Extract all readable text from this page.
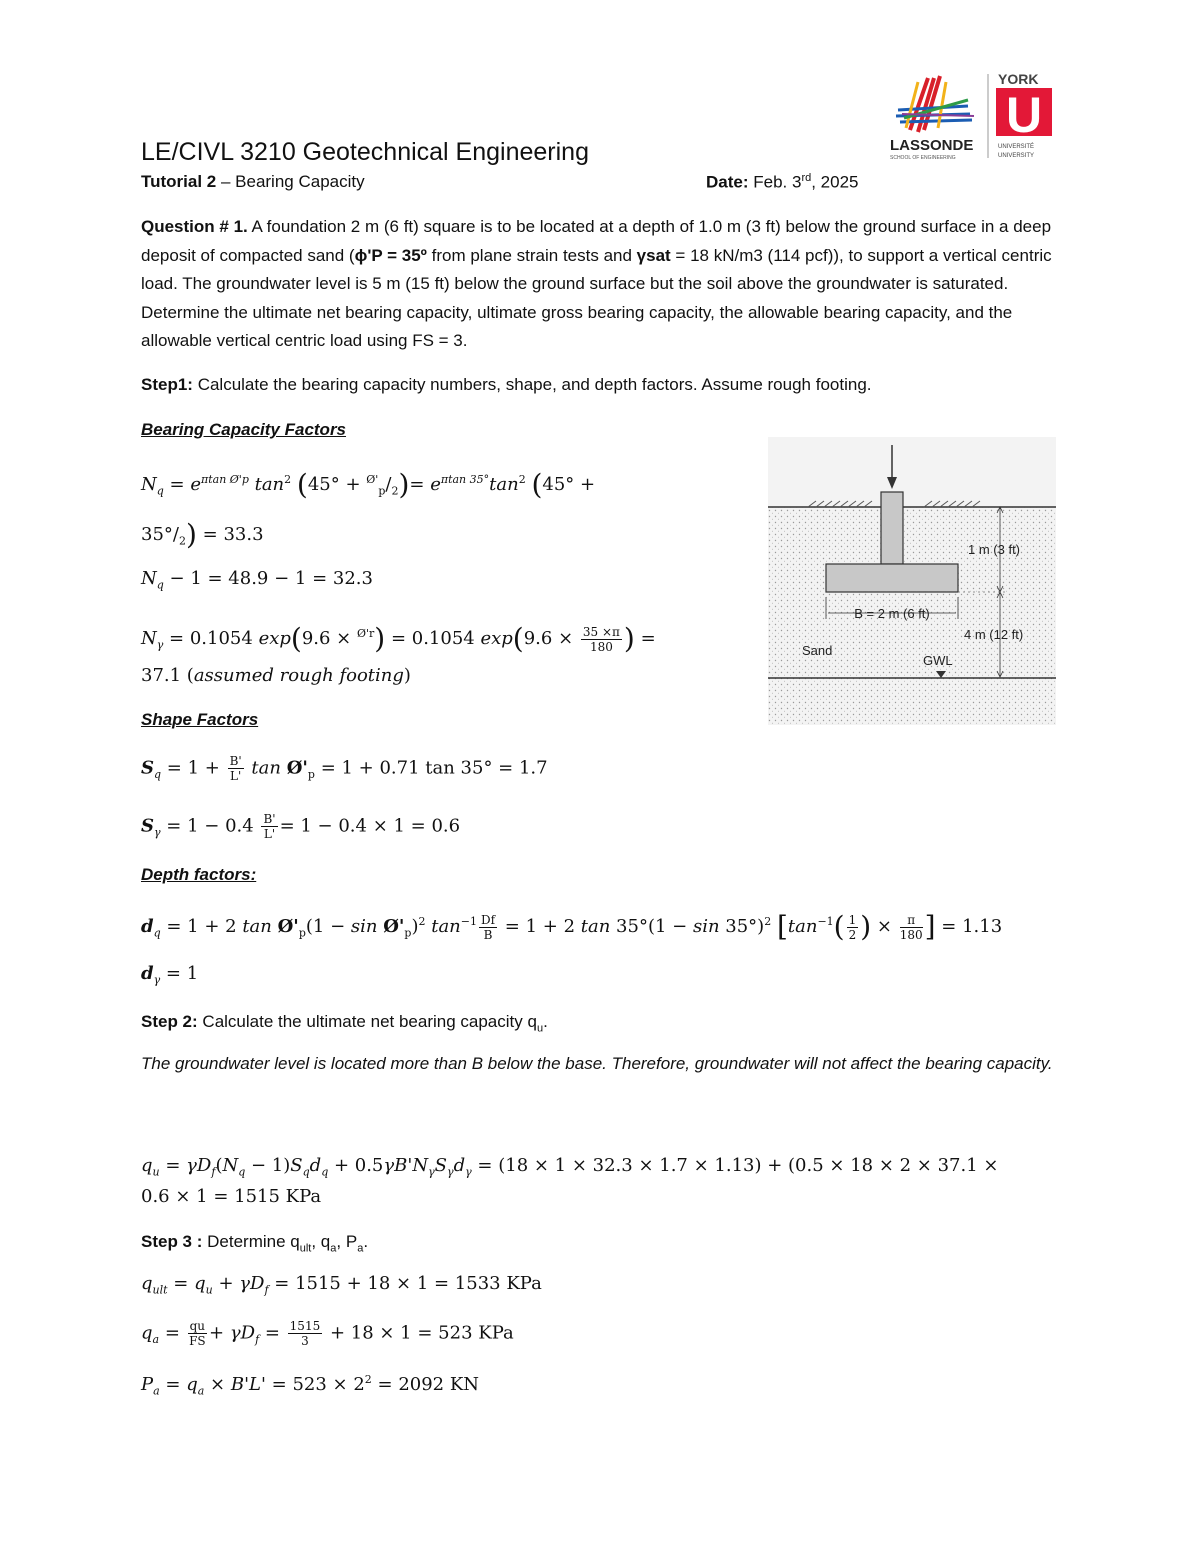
LASSONDE
SCHOOL OF ENGINEERING
YORK
U
UNIVERSITÉ
UNIVERSITY
LE/CIVL 3210 Geotechnical Engineering
Tutorial 2 – Bearing Capacity	Date: Feb. 3rd, 2025
Question # 1. A foundation 2 m (6 ft) square is to be located at a depth of 1.0 m (3 ft) below the ground surface in a deep deposit of compacted sand (ϕ'P = 35º from plane strain tests and γsat = 18 kN/m3 (114 pcf)), to support a vertical centric load. The groundwater level is 5 m (15 ft) below the ground surface but the soil above the groundwater is saturated. Determine the ultimate net bearing capacity, ultimate gross bearing capacity, the allowable bearing capacity, and the allowable vertical centric load using FS = 3.
Step1: Calculate the bearing capacity numbers, shape, and depth factors. Assume rough footing.
Bearing Capacity Factors
$N_q = e^{\pi tan Ø'p}$ $\tan^2 (45^\circ + ^{Ø'}_p/_2)= e^{\pi tan 35^\circ}\tan^2$ (45° +
$35^\circ/_2) = 33.3$
$N_q - 1 = 48.9 - 1 = 32.3$
$N_\gamma = 0.1054$ exp(9.6 × $^{Ø'r}$) = 0.1054 $\exp(9.6 \times \frac{35 \times\pi}{180}$ ) =
37.1 (assumed rough footing)
Shape Factors
$S_q = 1 + \frac{B'}{L'}$ $\tan Ø'_p = 1 + 0.71$ tan 35° = 1.7
$S_\gamma = 1 - 0.4 \frac{B'}{L'} = 1 - 0.4 \times 1 = 0.6$
Depth factors:
$d_q = 1 + 2$ $\tan Ø'_p(1 - \sin$ $Ø'_p)^2$ $\tan^{-1} \frac{Df}{B} = 1 + 2$ $\tan 35^\circ(1 - \sin 35^\circ)^2$ [$\tan^{-1}( \frac{1}{2}$ ) × $\frac{\pi}{180}$ ] = 1.13
$d_\gamma = 1$
Step 2: Calculate the ultimate net bearing capacity $q_u$.
The groundwater level is located more than B below the base. Therefore, groundwater will not affect the bearing capacity.
$q_u = \gamma D_f(N_q - 1)S_qd_q + 0.5\gamma B'N_\gamma S_\gamma d_\gamma = (18 \times 1 \times 32.3 \times 1.7 \times 1.13) + (0.5 \times 18 \times 2 \times 37.1$ ×
0.6 × 1 = 1515 KPa
Step 3 : Determine $q_{ult}$, $q_a$, $P_a$.
$q_{ult} = q_u + \gamma D_f = 1515 + 18 \times 1 = 1533$ KPa
$q_a = \frac{qu}{FS} + \gamma D_f = \frac{1515}{3} + 18 \times 1 = 523$ KPa
$P_a = q_a \times B'L' = 523 \times 2^2 = 2092$ KN
B = 2 m (6 ft)
1 m (3 ft)
4 m (12 ft)
GWL
Sand
